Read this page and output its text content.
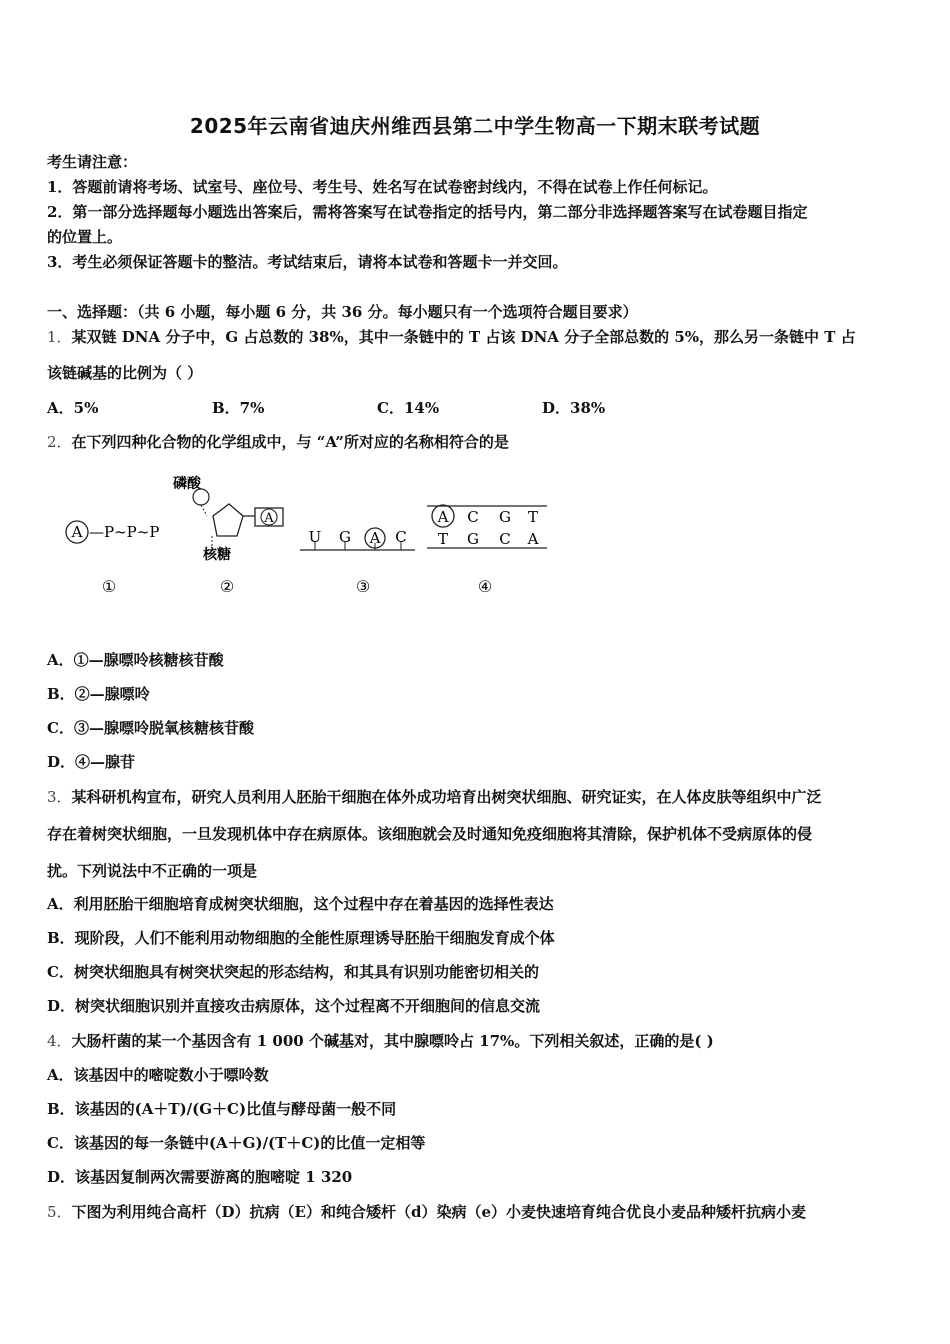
2025年云南省迪庆州维西县第二中学生物高一下期末联考试题
考生请注意：
1．答题前请将考场、试室号、座位号、考生号、姓名写在试卷密封线内，不得在试卷上作任何标记。
2．第一部分选择题每小题选出答案后，需将答案写在试卷指定的括号内，第二部分非选择题答案写在试卷题目指定
的位置上。
3．考生必须保证答题卡的整洁。考试结束后，请将本试卷和答题卡一并交回。
一、选择题：（共 6 小题，每小题 6 分，共 36 分。每小题只有一个选项符合题目要求）
1．某双链 DNA 分子中，G 占总数的 38%，其中一条链中的 T 占该 DNA 分子全部总数的 5%，那么另一条链中 T 占
该链碱基的比例为（ ）
A．5%	B．7%	C．14%	D．38%
2．在下列四种化合物的化学组成中，与 “A”所对应的名称相符合的是
A —P~P~P
磷酸
A
核糖
U G A C
A C G T
T G C A
①	②	③	④
A．①—腺嘌呤核糖核苷酸
B．②—腺嘌呤
C．③—腺嘌呤脱氧核糖核苷酸
D．④—腺苷
3．某科研机构宣布，研究人员利用人胚胎干细胞在体外成功培育出树突状细胞、研究证实，在人体皮肤等组织中广泛
存在着树突状细胞，一旦发现机体中存在病原体。该细胞就会及时通知免疫细胞将其清除，保护机体不受病原体的侵
扰。下列说法中不正确的一项是
A．利用胚胎干细胞培育成树突状细胞，这个过程中存在着基因的选择性表达
B．现阶段，人们不能利用动物细胞的全能性原理诱导胚胎干细胞发育成个体
C．树突状细胞具有树突状突起的形态结构，和其具有识别功能密切相关的
D．树突状细胞识别并直接攻击病原体，这个过程离不开细胞间的信息交流
4．大肠杆菌的某一个基因含有 1 000 个碱基对，其中腺嘌呤占 17%。下列相关叙述，正确的是( )
A．该基因中的嘧啶数小于嘌呤数
B．该基因的(A＋T)/(G＋C)比值与酵母菌一般不同
C．该基因的每一条链中(A＋G)/(T＋C)的比值一定相等
D．该基因复制两次需要游离的胞嘧啶 1 320
5．下图为利用纯合高杆（D）抗病（E）和纯合矮杆（d）染病（e）小麦快速培育纯合优良小麦品种矮杆抗病小麦
